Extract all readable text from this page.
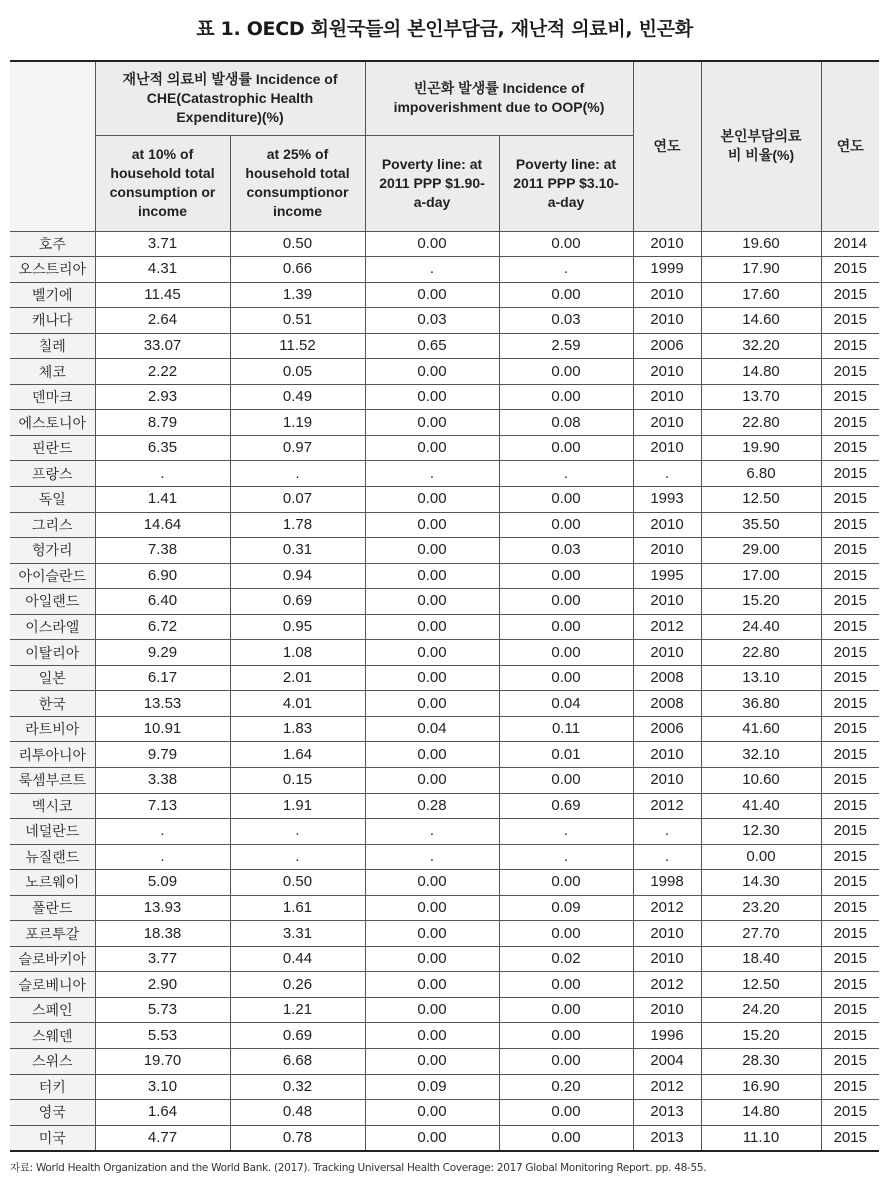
표 1. OECD 회원국들의 본인부담금, 재난적 의료비, 빈곤화
	재난적 의료비 발생률 Incidence of CHE(Catastrophic Health Expenditure)(%)		빈곤화 발생률 Incidence of impoverishment due to OOP(%)		연도	본인부담의료비 비율(%)	연도
	at 10% of household total consumption or income	at 25% of household total consumptionor income	Poverty line: at 2011 PPP $1.90- a-day	Poverty line: at 2011 PPP $3.10- a-day			
호주	3.71	0.50	0.00	0.00	2010	19.60	2014
오스트리아	4.31	0.66	.	.	1999	17.90	2015
벨기에	11.45	1.39	0.00	0.00	2010	17.60	2015
캐나다	2.64	0.51	0.03	0.03	2010	14.60	2015
칠레	33.07	11.52	0.65	2.59	2006	32.20	2015
체코	2.22	0.05	0.00	0.00	2010	14.80	2015
덴마크	2.93	0.49	0.00	0.00	2010	13.70	2015
에스토니아	8.79	1.19	0.00	0.08	2010	22.80	2015
핀란드	6.35	0.97	0.00	0.00	2010	19.90	2015
프랑스	.	.	.	.	.	6.80	2015
독일	1.41	0.07	0.00	0.00	1993	12.50	2015
그리스	14.64	1.78	0.00	0.00	2010	35.50	2015
헝가리	7.38	0.31	0.00	0.03	2010	29.00	2015
아이슬란드	6.90	0.94	0.00	0.00	1995	17.00	2015
아일랜드	6.40	0.69	0.00	0.00	2010	15.20	2015
이스라엘	6.72	0.95	0.00	0.00	2012	24.40	2015
이탈리아	9.29	1.08	0.00	0.00	2010	22.80	2015
일본	6.17	2.01	0.00	0.00	2008	13.10	2015
한국	13.53	4.01	0.00	0.04	2008	36.80	2015
라트비아	10.91	1.83	0.04	0.11	2006	41.60	2015
리투아니아	9.79	1.64	0.00	0.01	2010	32.10	2015
룩셈부르트	3.38	0.15	0.00	0.00	2010	10.60	2015
멕시코	7.13	1.91	0.28	0.69	2012	41.40	2015
네덜란드	.	.	.	.	.	12.30	2015
뉴질랜드	.	.	.	.	.	0.00	2015
노르웨이	5.09	0.50	0.00	0.00	1998	14.30	2015
폴란드	13.93	1.61	0.00	0.09	2012	23.20	2015
포르투갈	18.38	3.31	0.00	0.00	2010	27.70	2015
슬로바키아	3.77	0.44	0.00	0.02	2010	18.40	2015
슬로베니아	2.90	0.26	0.00	0.00	2012	12.50	2015
스페인	5.73	1.21	0.00	0.00	2010	24.20	2015
스웨덴	5.53	0.69	0.00	0.00	1996	15.20	2015
스위스	19.70	6.68	0.00	0.00	2004	28.30	2015
터키	3.10	0.32	0.09	0.20	2012	16.90	2015
영국	1.64	0.48	0.00	0.00	2013	14.80	2015
미국	4.77	0.78	0.00	0.00	2013	11.10	2015
자료: World Health Organization and the World Bank. (2017). Tracking Universal Health Coverage: 2017 Global Monitoring Report. pp. 48-55.
